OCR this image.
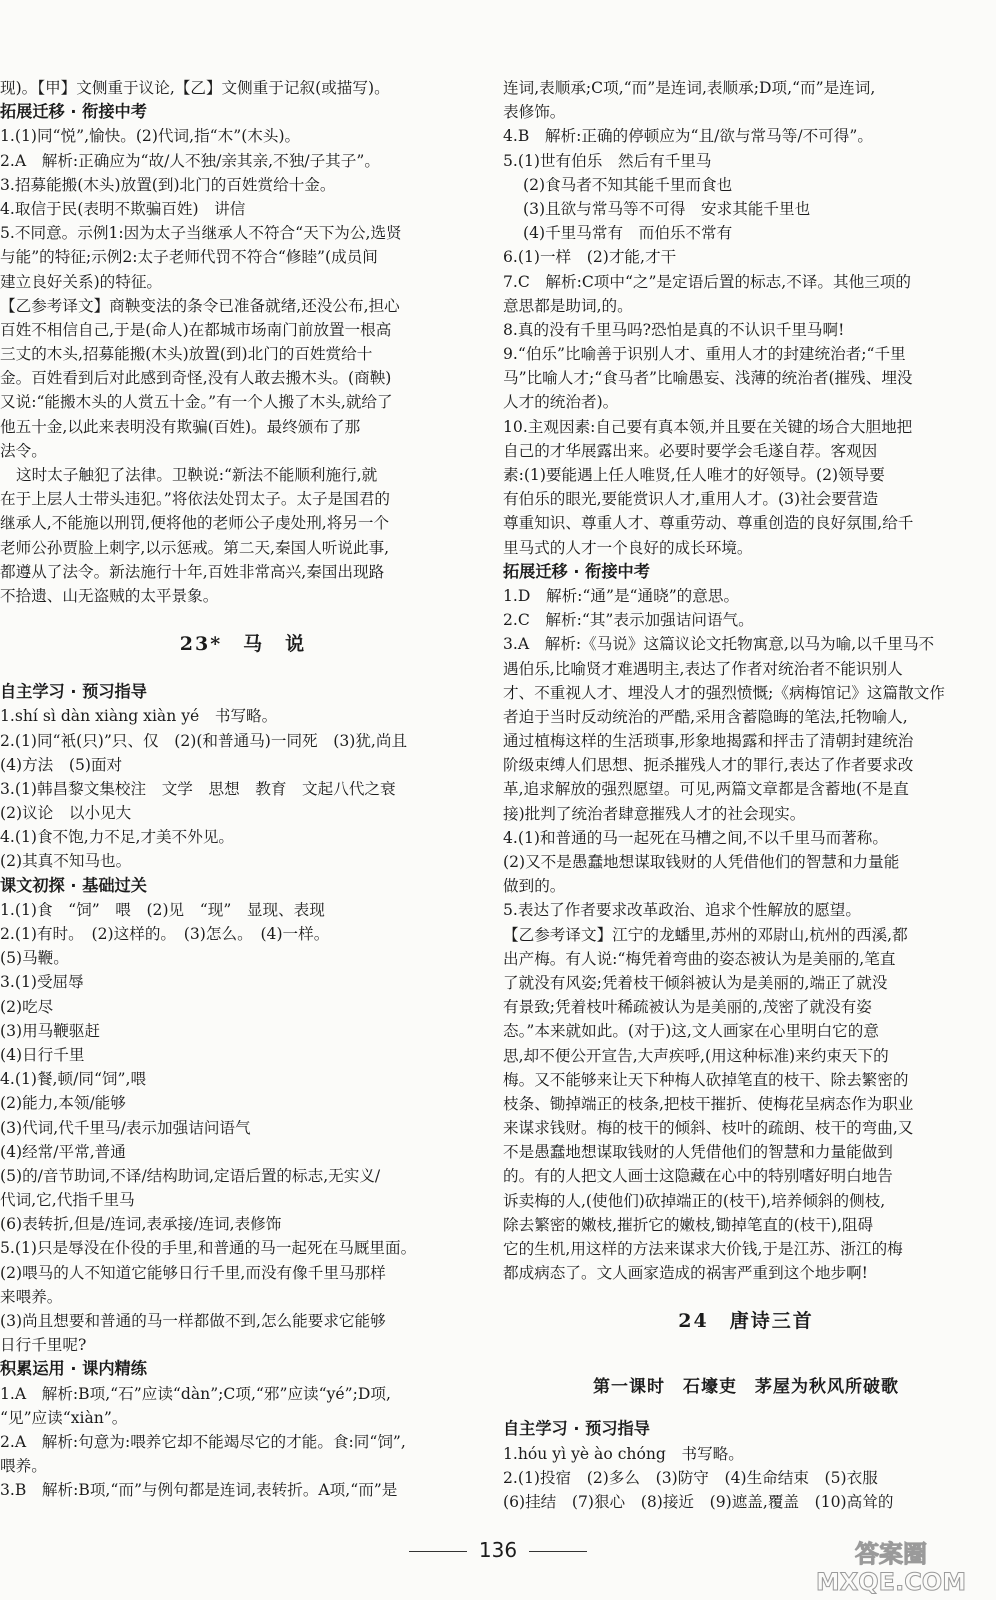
现)。【甲】文侧重于议论,【乙】文侧重于记叙(或描写)。
拓展迁移 · 衔接中考
1.(1)同“悦”,愉快。(2)代词,指“木”(木头)。
2.A　解析:正确应为“故/人不独/亲其亲,不独/子其子”。
3.招募能搬(木头)放置(到)北门的百姓赏给十金。
4.取信于民(表明不欺骗百姓)　讲信
5.不同意。示例1:因为太子当继承人不符合“天下为公,选贤
与能”的特征;示例2:太子老师代罚不符合“修睦”(成员间
建立良好关系)的特征。
【乙参考译文】商鞅变法的条令已准备就绪,还没公布,担心
百姓不相信自己,于是(命人)在都城市场南门前放置一根高
三丈的木头,招募能搬(木头)放置(到)北门的百姓赏给十
金。百姓看到后对此感到奇怪,没有人敢去搬木头。(商鞅)
又说:“能搬木头的人赏五十金。”有一个人搬了木头,就给了
他五十金,以此来表明没有欺骗(百姓)。最终颁布了那
法令。
这时太子触犯了法律。卫鞅说:“新法不能顺利施行,就
在于上层人士带头违犯。”将依法处罚太子。太子是国君的
继承人,不能施以刑罚,便将他的老师公子虔处刑,将另一个
老师公孙贾脸上刺字,以示惩戒。第二天,秦国人听说此事,
都遵从了法令。新法施行十年,百姓非常高兴,秦国出现路
不拾遗、山无盗贼的太平景象。
23*　马　说
自主学习 · 预习指导
1.shí sì dàn xiàng xiàn yé　书写略。
2.(1)同“衹(只)”只、仅　(2)(和普通马)一同死　(3)犹,尚且
(4)方法　(5)面对
3.(1)韩昌黎文集校注　文学　思想　教育　文起八代之衰
(2)议论　以小见大
4.(1)食不饱,力不足,才美不外见。
(2)其真不知马也。
课文初探 · 基础过关
1.(1)食　“饲”　喂　(2)见　“现”　显现、表现
2.(1)有时。　(2)这样的。　(3)怎么。　(4)一样。
(5)马鞭。
3.(1)受屈辱
(2)吃尽
(3)用马鞭驱赶
(4)日行千里
4.(1)餐,顿/同“饲”,喂
(2)能力,本领/能够
(3)代词,代千里马/表示加强诘问语气
(4)经常/平常,普通
(5)的/音节助词,不译/结构助词,定语后置的标志,无实义/
代词,它,代指千里马
(6)表转折,但是/连词,表承接/连词,表修饰
5.(1)只是辱没在仆役的手里,和普通的马一起死在马厩里面。
(2)喂马的人不知道它能够日行千里,而没有像千里马那样
来喂养。
(3)尚且想要和普通的马一样都做不到,怎么能要求它能够
日行千里呢?
积累运用 · 课内精练
1.A　解析:B项,“石”应读“dàn”;C项,“邪”应读“yé”;D项,
“见”应读“xiàn”。
2.A　解析:句意为:喂养它却不能竭尽它的才能。食:同“饲”,
喂养。
3.B　解析:B项,“而”与例句都是连词,表转折。A项,“而”是
连词,表顺承;C项,“而”是连词,表顺承;D项,“而”是连词,
表修饰。
4.B　解析:正确的停顿应为“且/欲与常马等/不可得”。
5.(1)世有伯乐　然后有千里马
(2)食马者不知其能千里而食也
(3)且欲与常马等不可得　安求其能千里也
(4)千里马常有　而伯乐不常有
6.(1)一样　(2)才能,才干
7.C　解析:C项中“之”是定语后置的标志,不译。其他三项的
意思都是助词,的。
8.真的没有千里马吗?恐怕是真的不认识千里马啊!
9.“伯乐”比喻善于识别人才、重用人才的封建统治者;“千里
马”比喻人才;“食马者”比喻愚妄、浅薄的统治者(摧残、埋没
人才的统治者)。
10.主观因素:自己要有真本领,并且要在关键的场合大胆地把
自己的才华展露出来。必要时要学会毛遂自荐。客观因
素:(1)要能遇上任人唯贤,任人唯才的好领导。(2)领导要
有伯乐的眼光,要能赏识人才,重用人才。(3)社会要营造
尊重知识、尊重人才、尊重劳动、尊重创造的良好氛围,给千
里马式的人才一个良好的成长环境。
拓展迁移 · 衔接中考
1.D　解析:“通”是“通晓”的意思。
2.C　解析:“其”表示加强诘问语气。
3.A　解析:《马说》这篇议论文托物寓意,以马为喻,以千里马不
遇伯乐,比喻贤才难遇明主,表达了作者对统治者不能识别人
才、不重视人才、埋没人才的强烈愤慨;《病梅馆记》这篇散文作
者迫于当时反动统治的严酷,采用含蓄隐晦的笔法,托物喻人,
通过植梅这样的生活琐事,形象地揭露和抨击了清朝封建统治
阶级束缚人们思想、扼杀摧残人才的罪行,表达了作者要求改
革,追求解放的强烈愿望。可见,两篇文章都是含蓄地(不是直
接)批判了统治者肆意摧残人才的社会现实。
4.(1)和普通的马一起死在马槽之间,不以千里马而著称。
(2)又不是愚蠢地想谋取钱财的人凭借他们的智慧和力量能
做到的。
5.表达了作者要求改革政治、追求个性解放的愿望。
【乙参考译文】江宁的龙蟠里,苏州的邓尉山,杭州的西溪,都
出产梅。有人说:“梅凭着弯曲的姿态被认为是美丽的,笔直
了就没有风姿;凭着枝干倾斜被认为是美丽的,端正了就没
有景致;凭着枝叶稀疏被认为是美丽的,茂密了就没有姿
态。”本来就如此。(对于)这,文人画家在心里明白它的意
思,却不便公开宣告,大声疾呼,(用这种标准)来约束天下的
梅。又不能够来让天下种梅人砍掉笔直的枝干、除去繁密的
枝条、锄掉端正的枝条,把枝干摧折、使梅花呈病态作为职业
来谋求钱财。梅的枝干的倾斜、枝叶的疏朗、枝干的弯曲,又
不是愚蠢地想谋取钱财的人凭借他们的智慧和力量能做到
的。有的人把文人画士这隐藏在心中的特别嗜好明白地告
诉卖梅的人,(使他们)砍掉端正的(枝干),培养倾斜的侧枝,
除去繁密的嫩枝,摧折它的嫩枝,锄掉笔直的(枝干),阻碍
它的生机,用这样的方法来谋求大价钱,于是江苏、浙江的梅
都成病态了。文人画家造成的祸害严重到这个地步啊!
24　唐诗三首
第一课时　石壕吏　茅屋为秋风所破歌
自主学习 · 预习指导
1.hóu yì yè ào chóng　书写略。
2.(1)投宿　(2)多么　(3)防守　(4)生命结束　(5)衣服
(6)挂结　(7)狠心　(8)接近　(9)遮盖,覆盖　(10)高耸的
136	答案圈
MXQE.COM
